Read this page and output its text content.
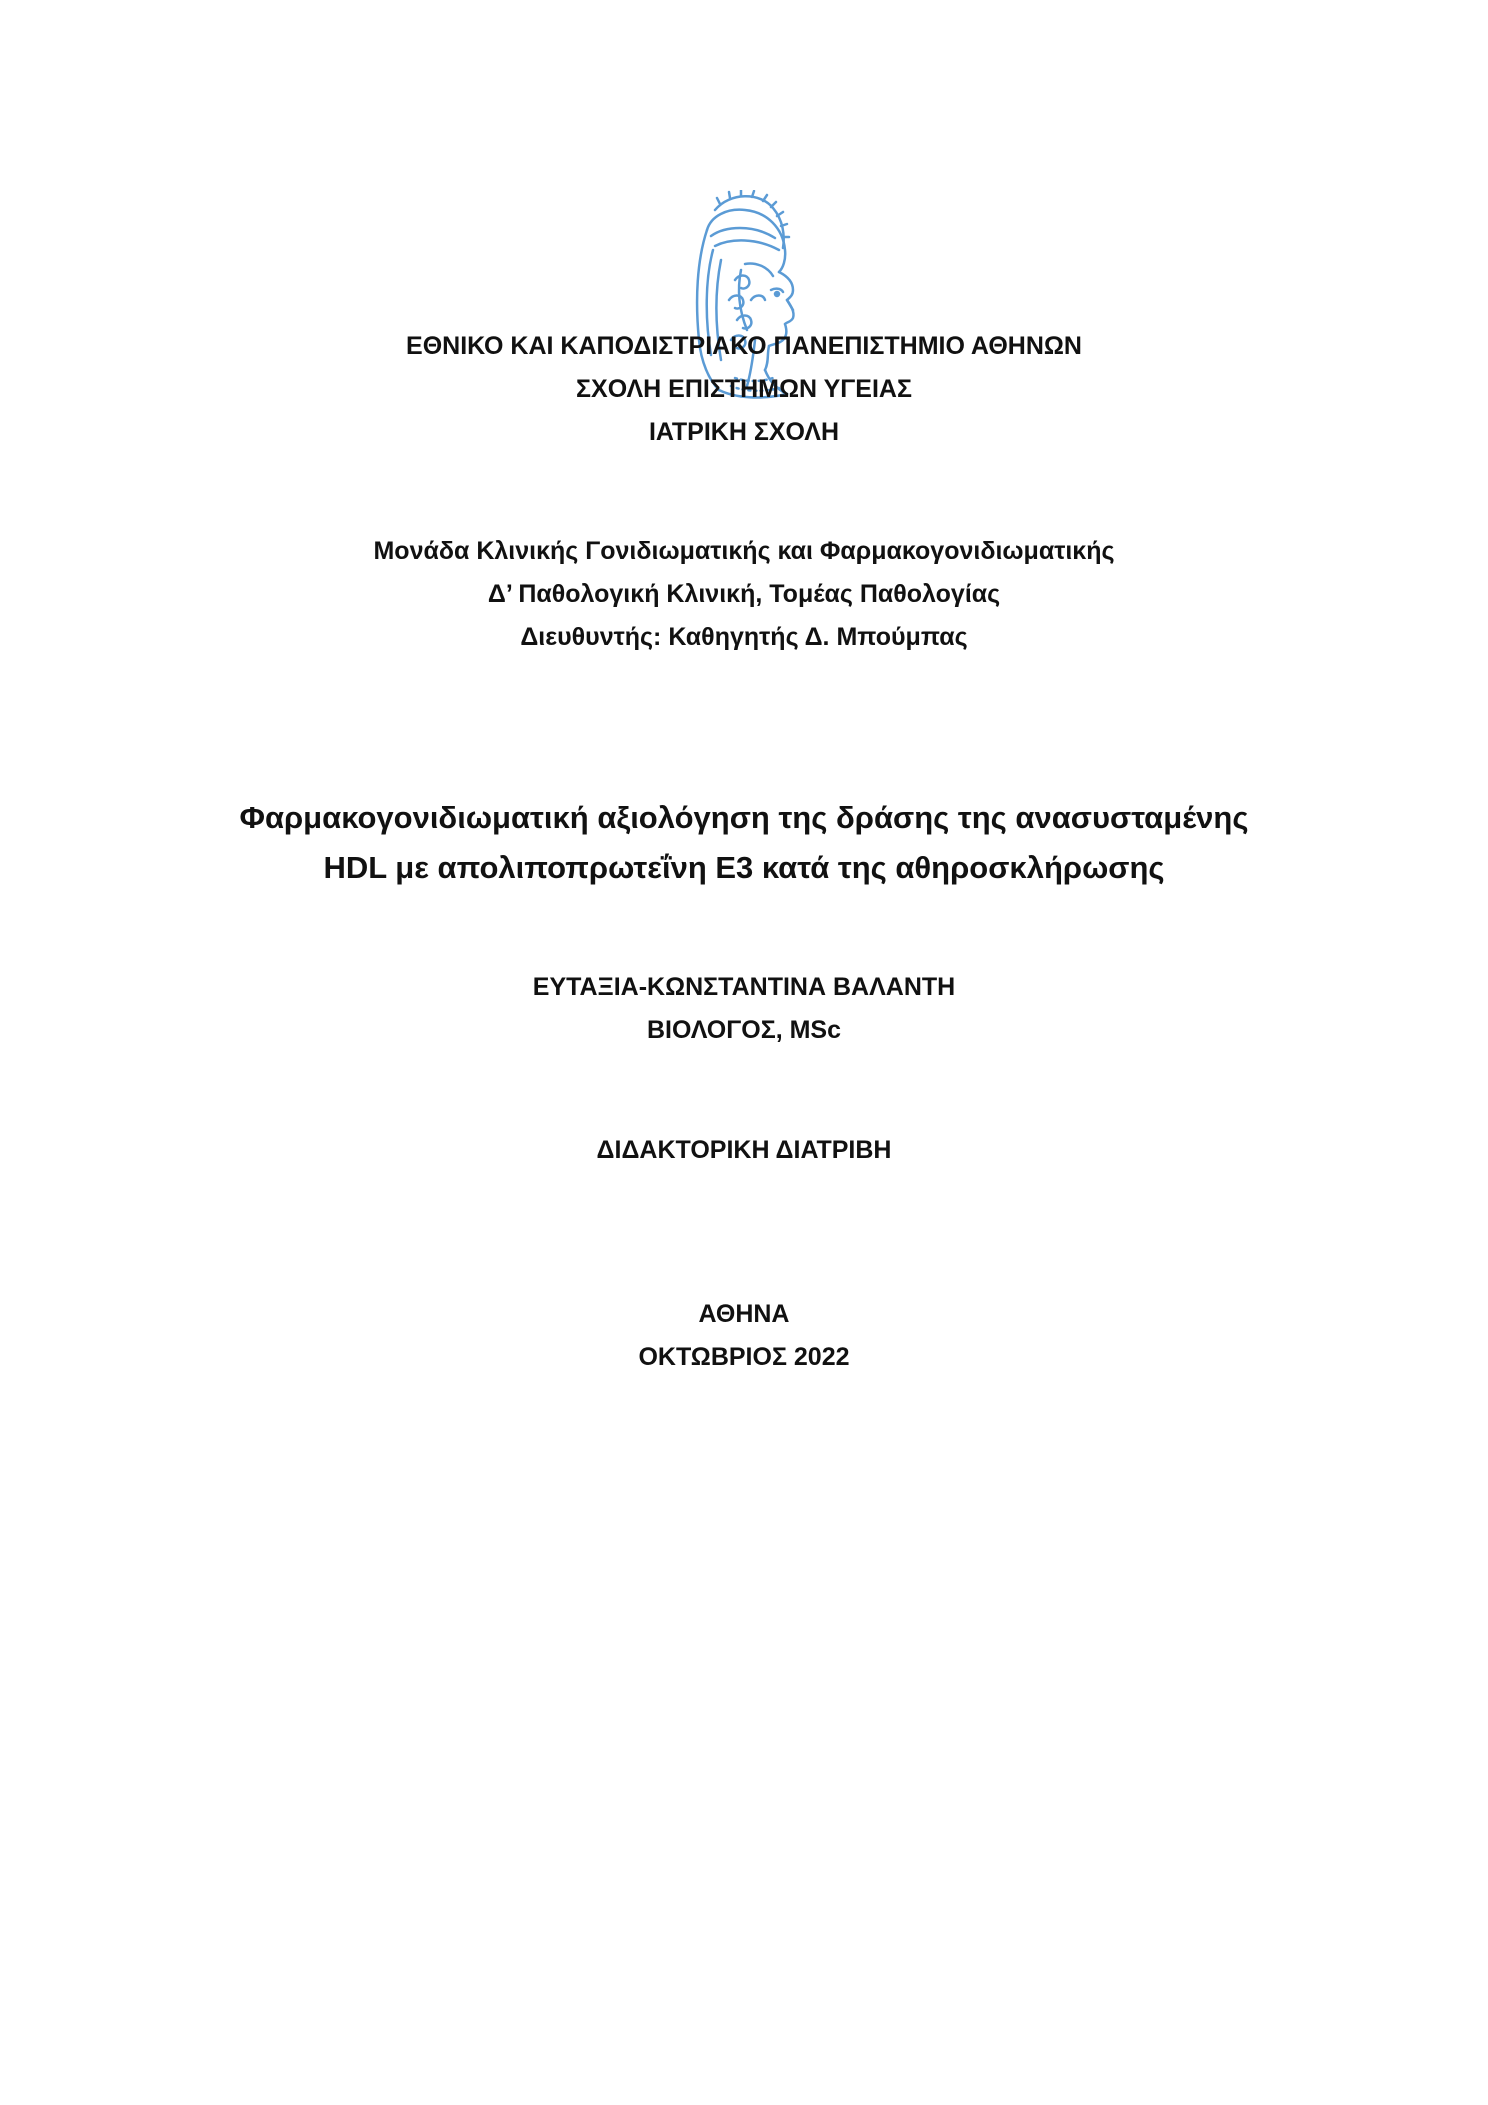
ΕΘΝΙΚΟ ΚΑΙ ΚΑΠΟΔΙΣΤΡΙΑΚΟ ΠΑΝΕΠΙΣΤΗΜΙΟ ΑΘΗΝΩΝ
ΣΧΟΛΗ ΕΠΙΣΤΗΜΩΝ ΥΓΕΙΑΣ
ΙΑΤΡΙΚΗ ΣΧΟΛΗ
Μονάδα Κλινικής Γονιδιωματικής και Φαρμακογονιδιωματικής
Δ’ Παθολογική Κλινική, Τομέας Παθολογίας
Διευθυντής: Καθηγητής Δ. Μπούμπας
Φαρμακογονιδιωματική αξιολόγηση της δράσης της ανασυσταμένης
HDL με απολιποπρωτεΐνη Ε3 κατά της αθηροσκλήρωσης
ΕΥΤΑΞΙΑ-ΚΩΝΣΤΑΝΤΙΝΑ ΒΑΛΑΝΤΗ
ΒΙΟΛΟΓΟΣ, MSc
ΔΙΔΑΚΤΟΡΙΚΗ ΔΙΑΤΡΙΒΗ
ΑΘΗΝΑ
ΟΚΤΩΒΡΙΟΣ 2022
